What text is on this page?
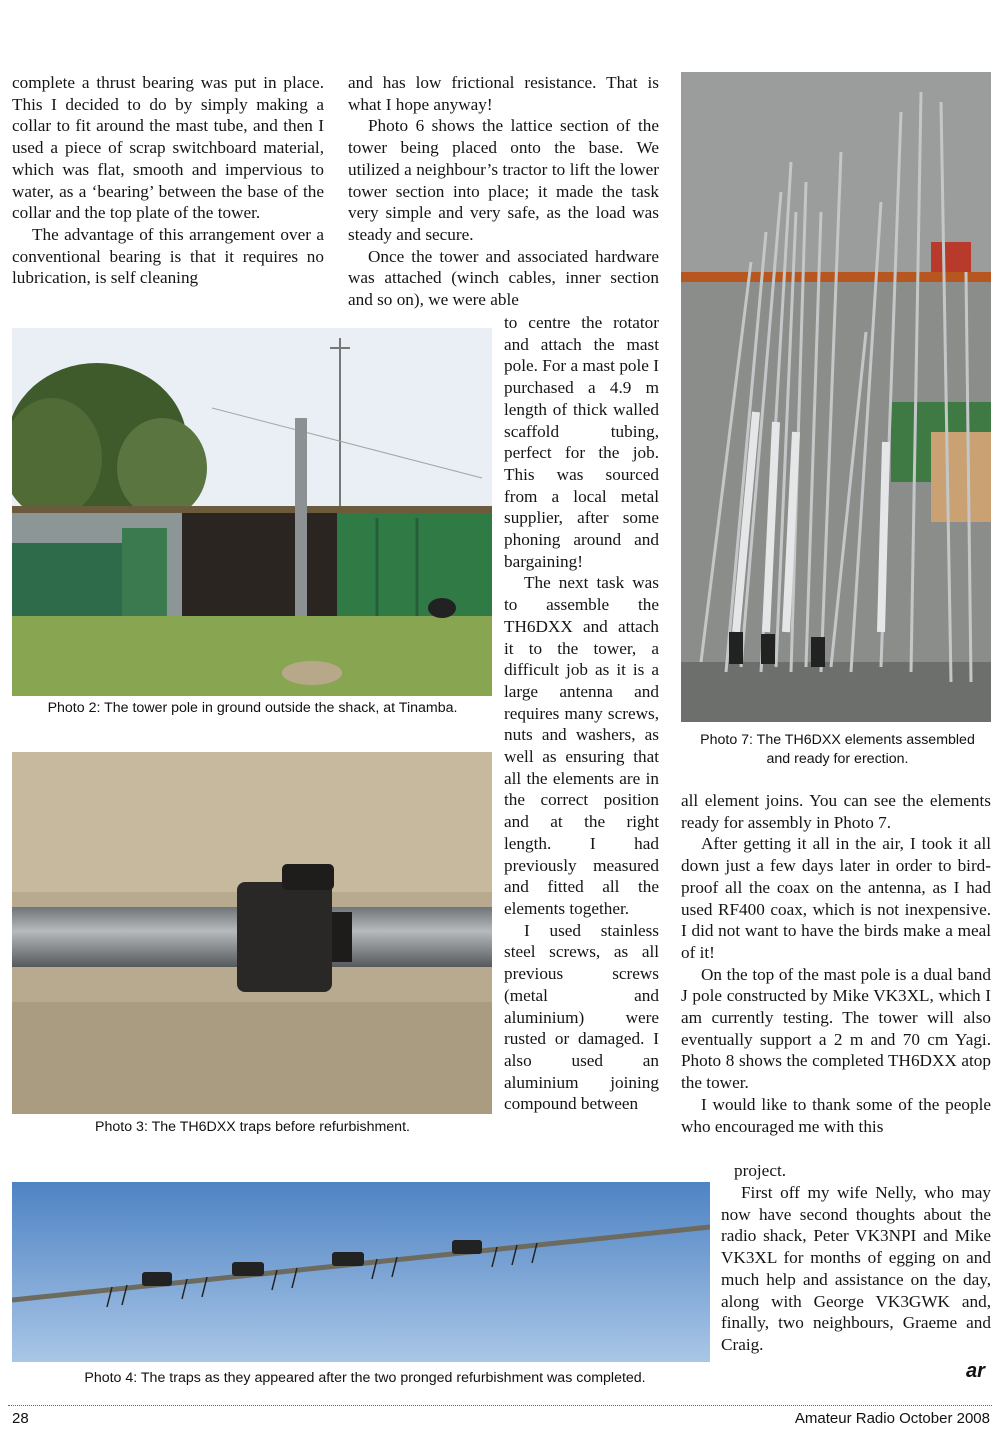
complete a thrust bearing was put in place. This I decided to do by simply making a collar to fit around the mast tube, and then I used a piece of scrap switchboard material, which was flat, smooth and impervious to water, as a ‘bearing’ between the base of the collar and the top plate of the tower.

The advantage of this arrangement over a conventional bearing is that it requires no lubrication, is self cleaning

and has low frictional resistance. That is what I hope anyway!

Photo 6 shows the lattice section of the tower being placed onto the base. We utilized a neighbour’s tractor to lift the lower tower section into place; it made the task very simple and very safe, as the load was steady and secure.

Once the tower and associated hardware was attached (winch cables, inner section and so on), we were able

to centre the rotator and attach the mast pole. For a mast pole I purchased a 4.9 m length of thick walled scaffold tubing, perfect for the job. This was sourced from a local metal supplier, after some phoning around and bargaining!

The next task was to assemble the TH6DXX and attach it to the tower, a difficult job as it is a large antenna and requires many screws, nuts and washers, as well as ensuring that all the elements are in the correct position and at the right length. I had previously measured and fitted all the elements together.

I used stainless steel screws, as all previous screws (metal and aluminium) were rusted or damaged. I also used an aluminium joining compound between

all element joins. You can see the elements ready for assembly in Photo 7.

After getting it all in the air, I took it all down just a few days later in order to bird-proof all the coax on the antenna, as I had used RF400 coax, which is not inexpensive. I did not want to have the birds make a meal of it!

On the top of the mast pole is a dual band J pole constructed by Mike VK3XL, which I am currently testing. The tower will also eventually support a 2 m and 70 cm Yagi. Photo 8 shows the completed TH6DXX atop the tower.

I would like to thank some of the people who encouraged me with this

project.

First off my wife Nelly, who may now have second thoughts about the radio shack, Peter VK3NPI and Mike VK3XL for months of egging on and much help and assistance on the day, along with George VK3GWK and, finally, two neighbours, Graeme and Craig.

Photo 2: The tower pole in ground outside the shack, at Tinamba.
Photo 3: The TH6DXX traps before refurbishment.
Photo 7: The TH6DXX elements assembled and ready for erection.
Photo 4: The traps as they appeared after the two pronged refurbishment was completed.	ar
28	Amateur Radio October 2008
